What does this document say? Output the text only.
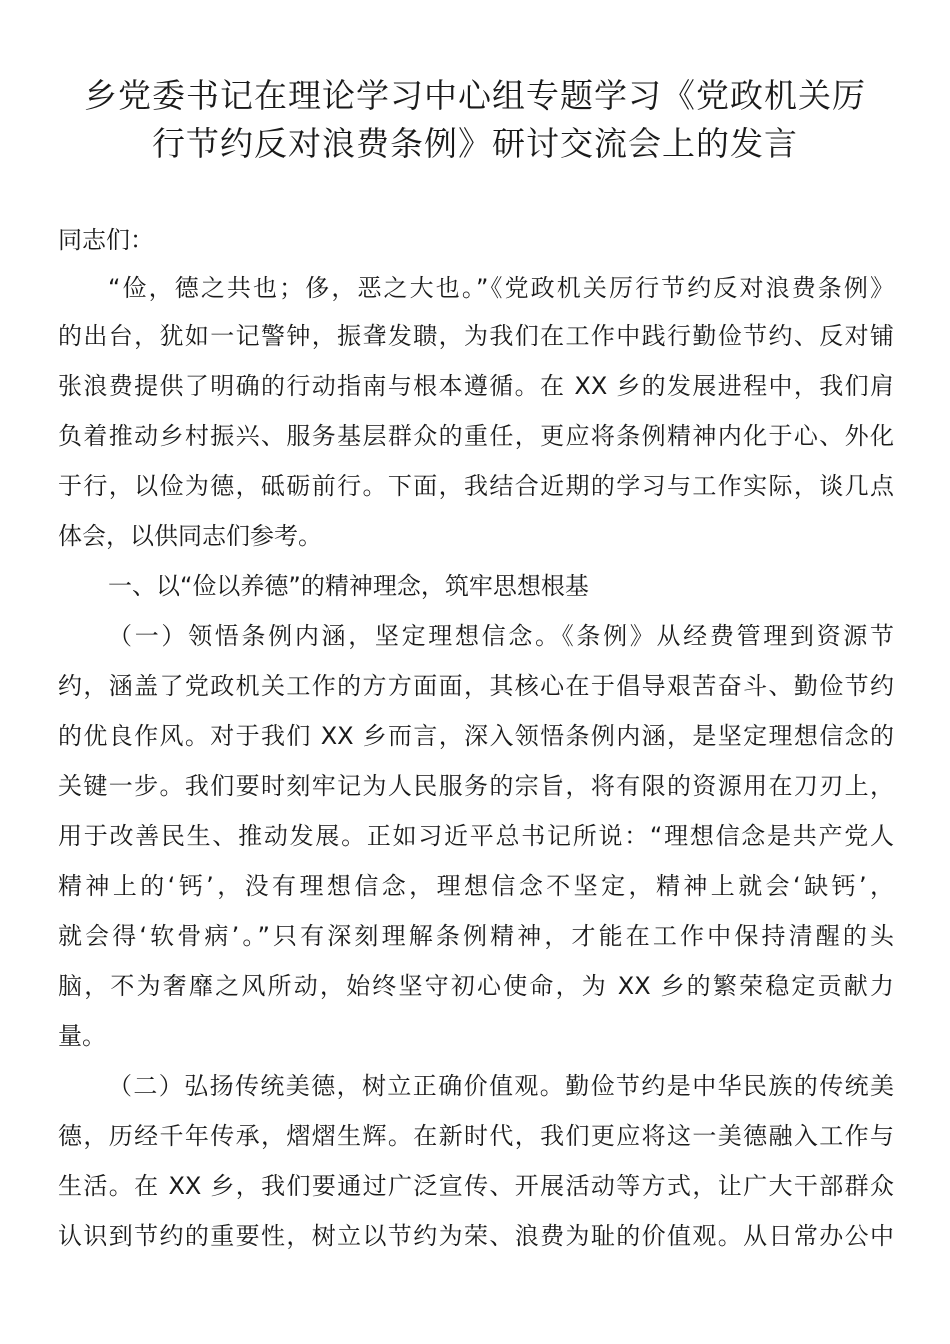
乡党委书记在理论学习中心组专题学习《党政机关厉
行节约反对浪费条例》研讨交流会上的发言
同志们：
“俭，德之共也；侈，恶之大也。”《党政机关厉行节约反对浪费条例》
的出台，犹如一记警钟，振聋发聩，为我们在工作中践行勤俭节约、反对铺
张浪费提供了明确的行动指南与根本遵循。在 XX 乡的发展进程中，我们肩
负着推动乡村振兴、服务基层群众的重任，更应将条例精神内化于心、外化
于行，以俭为德，砥砺前行。下面，我结合近期的学习与工作实际，谈几点
体会，以供同志们参考。
一、以“俭以养德”的精神理念，筑牢思想根基
（一）领悟条例内涵，坚定理想信念。《条例》从经费管理到资源节
约，涵盖了党政机关工作的方方面面，其核心在于倡导艰苦奋斗、勤俭节约
的优良作风。对于我们 XX 乡而言，深入领悟条例内涵，是坚定理想信念的
关键一步。我们要时刻牢记为人民服务的宗旨，将有限的资源用在刀刃上，
用于改善民生、推动发展。正如习近平总书记所说：“理想信念是共产党人
精神上的‘钙’，没有理想信念，理想信念不坚定，精神上就会‘缺钙’，
就会得‘软骨病’。”只有深刻理解条例精神，才能在工作中保持清醒的头
脑，不为奢靡之风所动，始终坚守初心使命，为 XX 乡的繁荣稳定贡献力
量。
（二）弘扬传统美德，树立正确价值观。勤俭节约是中华民族的传统美
德，历经千年传承，熠熠生辉。在新时代，我们更应将这一美德融入工作与
生活。在 XX 乡，我们要通过广泛宣传、开展活动等方式，让广大干部群众
认识到节约的重要性，树立以节约为荣、浪费为耻的价值观。从日常办公中
